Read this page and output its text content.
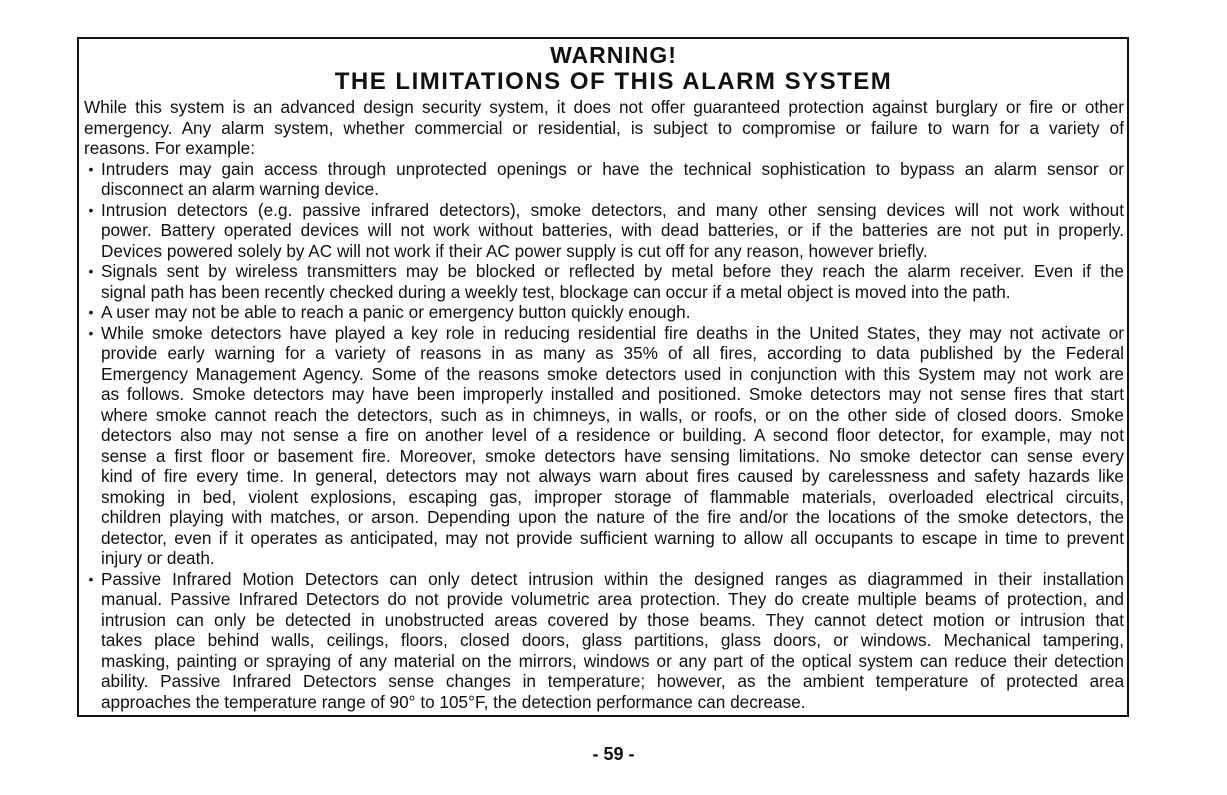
WARNING!
THE LIMITATIONS OF THIS ALARM SYSTEM
While this system is an advanced design security system, it does not offer guaranteed protection against burglary or fire or other
emergency. Any alarm system, whether commercial or residential, is subject to compromise or failure to warn for a variety of
reasons. For example:
• Intruders may gain access through unprotected openings or have the technical sophistication to bypass an alarm sensor or
disconnect an alarm warning device.
• Intrusion detectors (e.g. passive infrared detectors), smoke detectors, and many other sensing devices will not work without
power. Battery operated devices will not work without batteries, with dead batteries, or if the batteries are not put in properly.
Devices powered solely by AC will not work if their AC power supply is cut off for any reason, however briefly.
• Signals sent by wireless transmitters may be blocked or reflected by metal before they reach the alarm receiver. Even if the
signal path has been recently checked during a weekly test, blockage can occur if a metal object is moved into the path.
• A user may not be able to reach a panic or emergency button quickly enough.
• While smoke detectors have played a key role in reducing residential fire deaths in the United States, they may not activate or
provide early warning for a variety of reasons in as many as 35% of all fires, according to data published by the Federal
Emergency Management Agency. Some of the reasons smoke detectors used in conjunction with this System may not work are
as follows. Smoke detectors may have been improperly installed and positioned. Smoke detectors may not sense fires that start
where smoke cannot reach the detectors, such as in chimneys, in walls, or roofs, or on the other side of closed doors. Smoke
detectors also may not sense a fire on another level of a residence or building. A second floor detector, for example, may not
sense a first floor or basement fire. Moreover, smoke detectors have sensing limitations. No smoke detector can sense every
kind of fire every time. In general, detectors may not always warn about fires caused by carelessness and safety hazards like
smoking in bed, violent explosions, escaping gas, improper storage of flammable materials, overloaded electrical circuits,
children playing with matches, or arson. Depending upon the nature of the fire and/or the locations of the smoke detectors, the
detector, even if it operates as anticipated, may not provide sufficient warning to allow all occupants to escape in time to prevent
injury or death.
• Passive Infrared Motion Detectors can only detect intrusion within the designed ranges as diagrammed in their installation
manual. Passive Infrared Detectors do not provide volumetric area protection. They do create multiple beams of protection, and
intrusion can only be detected in unobstructed areas covered by those beams. They cannot detect motion or intrusion that
takes place behind walls, ceilings, floors, closed doors, glass partitions, glass doors, or windows. Mechanical tampering,
masking, painting or spraying of any material on the mirrors, windows or any part of the optical system can reduce their detection
ability. Passive Infrared Detectors sense changes in temperature; however, as the ambient temperature of protected area
approaches the temperature range of 90° to 105°F, the detection performance can decrease.
- 59 -
